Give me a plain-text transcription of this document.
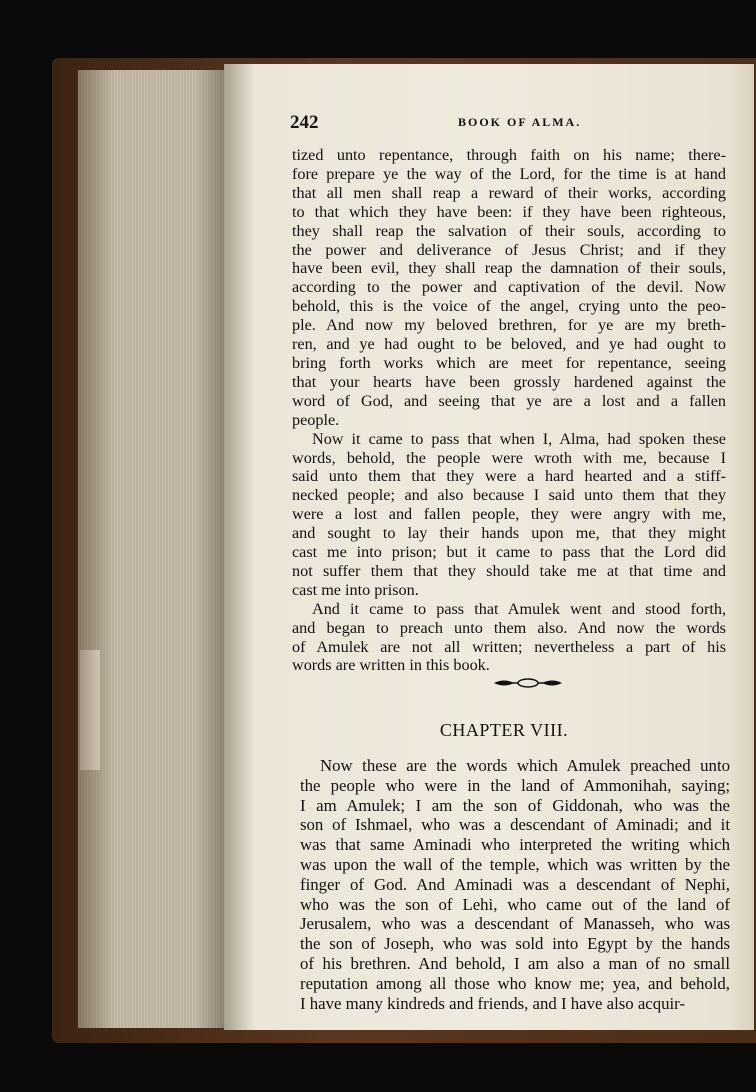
242	BOOK OF ALMA.

tized unto repentance, through faith on his name; there-
fore prepare ye the way of the Lord, for the time is at hand
that all men shall reap a reward of their works, according
to that which they have been: if they have been righteous,
they shall reap the salvation of their souls, according to
the power and deliverance of Jesus Christ; and if they
have been evil, they shall reap the damnation of their souls,
according to the power and captivation of the devil. Now
behold, this is the voice of the angel, crying unto the peo-
ple. And now my beloved brethren, for ye are my breth-
ren, and ye had ought to be beloved, and ye had ought to
bring forth works which are meet for repentance, seeing
that your hearts have been grossly hardened against the
word of God, and seeing that ye are a lost and a fallen
people.

Now it came to pass that when I, Alma, had spoken these
words, behold, the people were wroth with me, because I
said unto them that they were a hard hearted and a stiff-
necked people; and also because I said unto them that they
were a lost and fallen people, they were angry with me,
and sought to lay their hands upon me, that they might
cast me into prison; but it came to pass that the Lord did
not suffer them that they should take me at that time and
cast me into prison.

And it came to pass that Amulek went and stood forth,
and began to preach unto them also. And now the words
of Amulek are not all written; nevertheless a part of his
words are written in this book.

CHAPTER VIII.

Now these are the words which Amulek preached unto
the people who were in the land of Ammonihah, saying;
I am Amulek; I am the son of Giddonah, who was the
son of Ishmael, who was a descendant of Aminadi; and it
was that same Aminadi who interpreted the writing which
was upon the wall of the temple, which was written by the
finger of God. And Aminadi was a descendant of Nephi,
who was the son of Lehi, who came out of the land of
Jerusalem, who was a descendant of Manasseh, who was
the son of Joseph, who was sold into Egypt by the hands
of his brethren. And behold, I am also a man of no small
reputation among all those who know me; yea, and behold,
I have many kindreds and friends, and I have also acquir-
